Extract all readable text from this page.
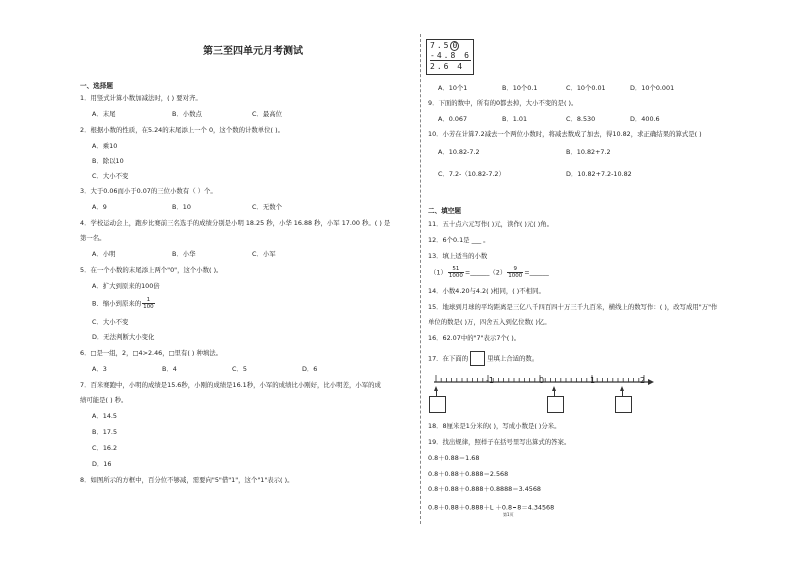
第三至四单元月考测试
一、选择题
1．用竖式计算小数加减法时，( ) 要对齐。
A．末尾	B．小数点	C．最高位
2．根据小数的性质，在5.24的末尾添上一个 0，这个数的计数单位( )。
A．乘10
B．除以10
C．大小不变
3．大于0.06而小于0.07的三位小数有（ ）个。
A．9	B．10	C．无数个
4．学校运动会上，跑步比赛前三名选手的成绩分别是小明 18.25 秒，小华 16.88 秒，小军 17.00 秒。( ) 是
第一名。
A．小明	B．小华	C．小军
5．在一个小数的末尾添上两个"0"，这个小数( )。
A．扩大到原来的100倍
B．缩小到原来的 $\frac{1}{100}$
C．大小不变
D．无法判断大小变化
6．□是一组，2，□4>2.46，□里有( ) 种填法。
A．3	B．4	C．5	D．6
7．百米赛跑中，小明的成绩是15.6秒，小刚的成绩是16.1秒，小军的成绩比小刚好，比小明差，小军的成
绩可能是( ) 秒。
A．14.5
B．17.5
C．16.2
D．16
8．如图所示的方框中，百分位不够减，需要向"5"借"1"，这个"1"表示( )。
7.5 0
-4.8 6
2.6 4
A．10个1	B．10个0.1	C．10个0.01	D．10个0.001
9．下面的数中，所有的0都去掉，大小不变的是( )。
A．0.067	B．1.01	C．8.530	D．400.6
10．小芳在计算7.2减去一个两位小数时，将减去数成了加去，得10.82，求正确结果的算式是( )
A．10.82-7.2	B．10.82+7.2
C．7.2-（10.82-7.2）	D．10.82+7.2-10.82
二、填空题
11．五十点六元写作( )元，读作( )元( )角。
12．6个0.1是 ___ 。
13．填上适当的小数
$(1) \frac{51}{1000}$ =______（2） $\frac{9}{1000}$ =______
14．小数4.20与4.2( )相同，( )不相同。
15．地球到月球的平均距离是三亿八千四百四十万三千九百米，横线上的数写作：( )，改写成用"万"作
单位的数是( )万，四舍五入到亿位数( )亿。
16．62.07中的"7"表示7个( )。
17．在下面的	里填上合适的数。
-1	0	1	2
18．8厘米是1分米的( )，写成小数是( )分米。
19．找出规律，照样子在括号里写出算式的答案。
0.8＋0.88＝1.68
0.8＋0.88＋0.888＝2.568
0.8＋0.88＋0.888＋0.8888＝3.4568
0.8＋0.88＋0.888＋L ＋0.8

8＝4.34568
第1页
